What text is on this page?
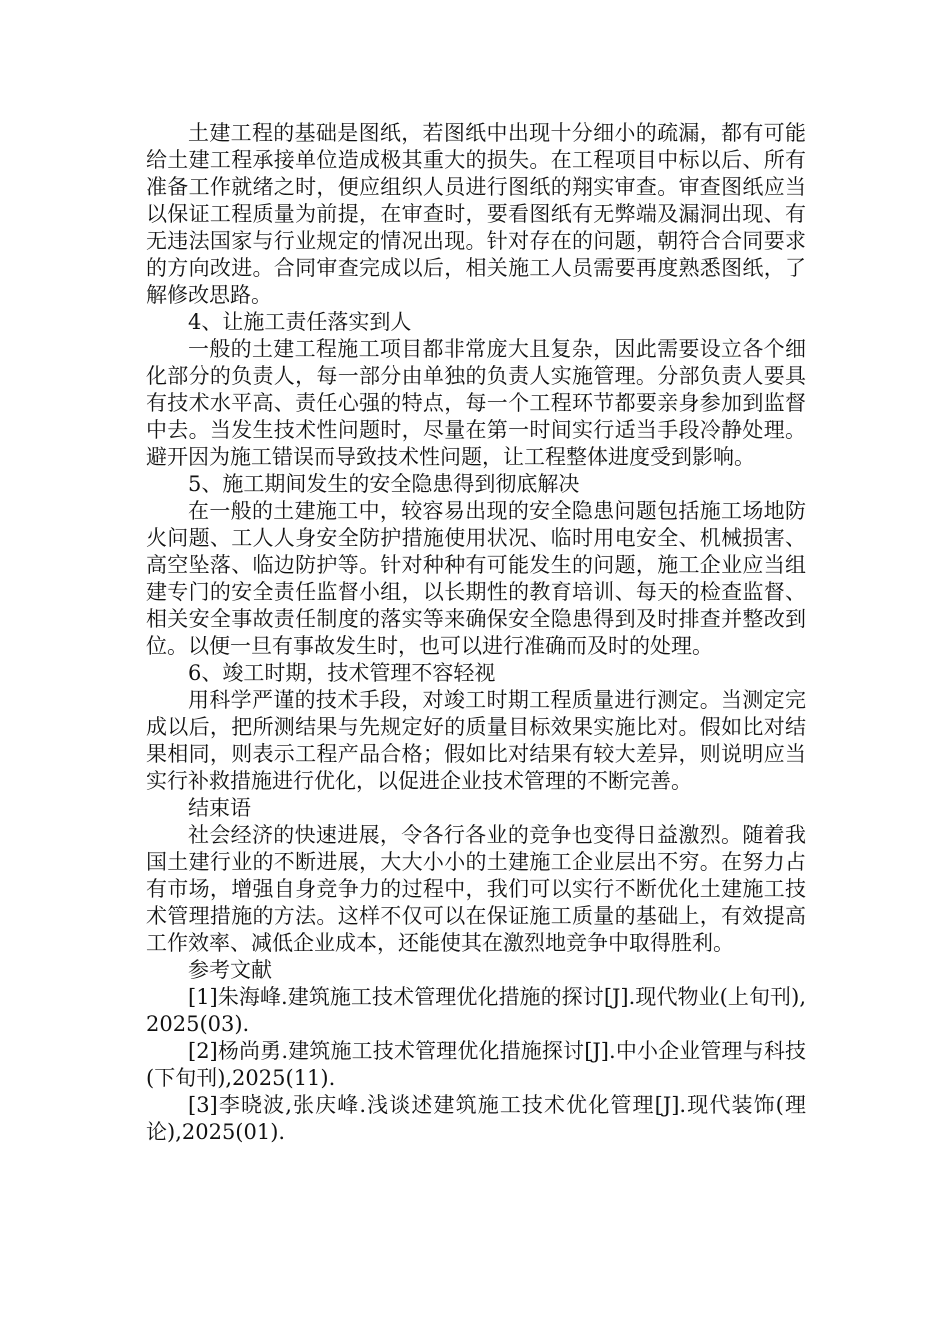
土建工程的基础是图纸，若图纸中出现十分细小的疏漏，都有可能给土建工程承接单位造成极其重大的损失。在工程项目中标以后、所有准备工作就绪之时，便应组织人员进行图纸的翔实审查。审查图纸应当以保证工程质量为前提，在审查时，要看图纸有无弊端及漏洞出现、有无违法国家与行业规定的情况出现。针对存在的问题，朝符合合同要求的方向改进。合同审查完成以后，相关施工人员需要再度熟悉图纸，了解修改思路。

4、让施工责任落实到人

一般的土建工程施工项目都非常庞大且复杂，因此需要设立各个细化部分的负责人，每一部分由单独的负责人实施管理。分部负责人要具有技术水平高、责任心强的特点，每一个工程环节都要亲身参加到监督中去。当发生技术性问题时，尽量在第一时间实行适当手段冷静处理。避开因为施工错误而导致技术性问题，让工程整体进度受到影响。

5、施工期间发生的安全隐患得到彻底解决

在一般的土建施工中，较容易出现的安全隐患问题包括施工场地防火问题、工人人身安全防护措施使用状况、临时用电安全、机械损害、高空坠落、临边防护等。针对种种有可能发生的问题，施工企业应当组建专门的安全责任监督小组，以长期性的教育培训、每天的检查监督、相关安全事故责任制度的落实等来确保安全隐患得到及时排查并整改到位。以便一旦有事故发生时，也可以进行准确而及时的处理。

6、竣工时期，技术管理不容轻视

用科学严谨的技术手段，对竣工时期工程质量进行测定。当测定完成以后，把所测结果与先规定好的质量目标效果实施比对。假如比对结果相同，则表示工程产品合格；假如比对结果有较大差异，则说明应当实行补救措施进行优化，以促进企业技术管理的不断完善。

结束语

社会经济的快速进展，令各行各业的竞争也变得日益激烈。随着我国土建行业的不断进展，大大小小的土建施工企业层出不穷。在努力占有市场，增强自身竞争力的过程中，我们可以实行不断优化土建施工技术管理措施的方法。这样不仅可以在保证施工质量的基础上，有效提高工作效率、减低企业成本，还能使其在激烈地竞争中取得胜利。

参考文献

[1]朱海峰.建筑施工技术管理优化措施的探讨[J].现代物业(上旬刊),2025(03).

[2]杨尚勇.建筑施工技术管理优化措施探讨[J].中小企业管理与科技(下旬刊),2025(11).

[3]李晓波,张庆峰.浅谈述建筑施工技术优化管理[J].现代装饰(理论),2025(01).
